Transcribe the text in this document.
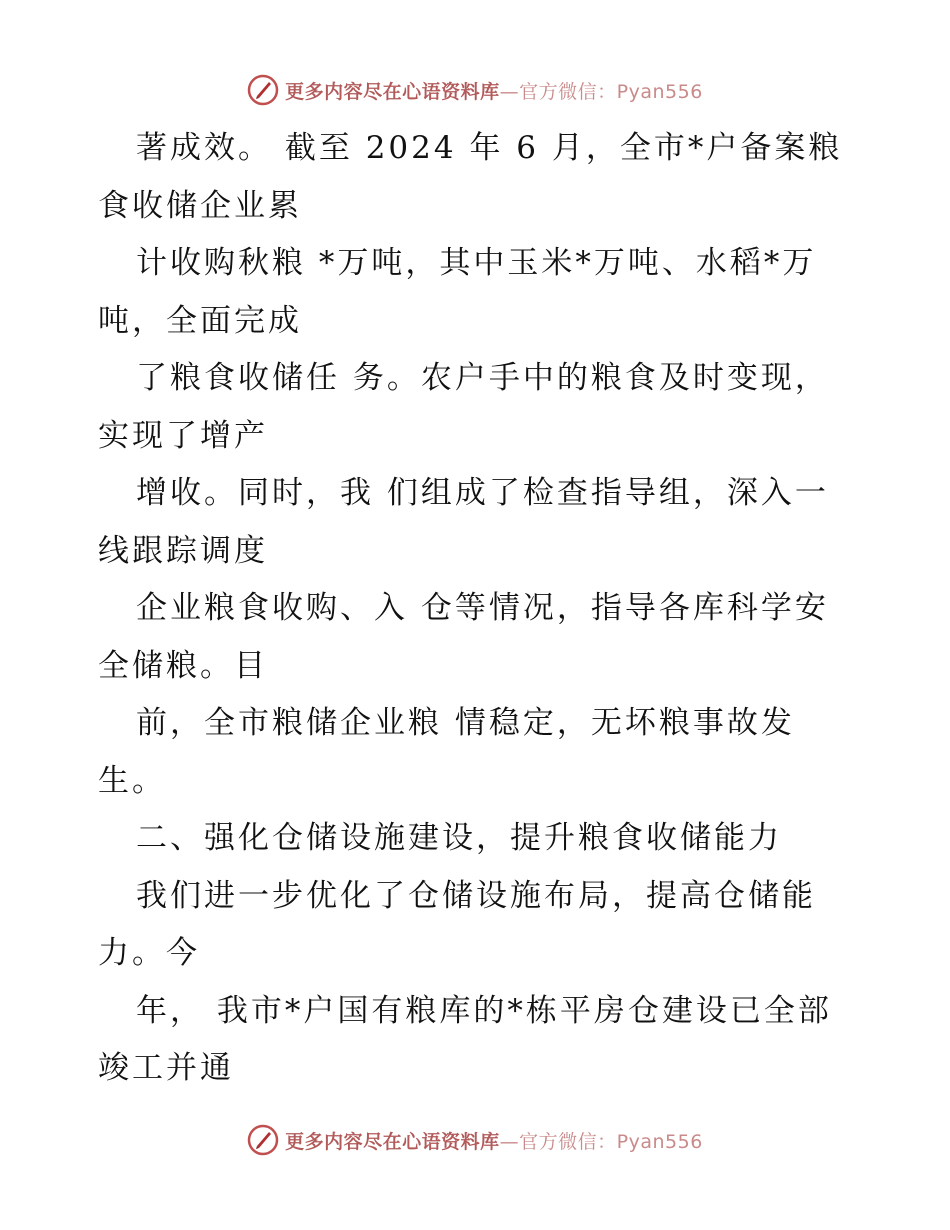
更多内容尽在心语资料库—官方微信：Pyan556
著成效。 截至 2024 年 6 月，全市*户备案粮
食收储企业累
计收购秋粮 *万吨，其中玉米*万吨、水稻*万
吨，全面完成
了粮食收储任 务。农户手中的粮食及时变现，
实现了增产
增收。同时，我 们组成了检查指导组，深入一
线跟踪调度
企业粮食收购、入 仓等情况，指导各库科学安
全储粮。目
前，全市粮储企业粮 情稳定，无坏粮事故发
生。
二、强化仓储设施建设，提升粮食收储能力
我们进一步优化了仓储设施布局，提高仓储能
力。今
年， 我市*户国有粮库的*栋平房仓建设已全部
竣工并通
更多内容尽在心语资料库—官方微信：Pyan556
